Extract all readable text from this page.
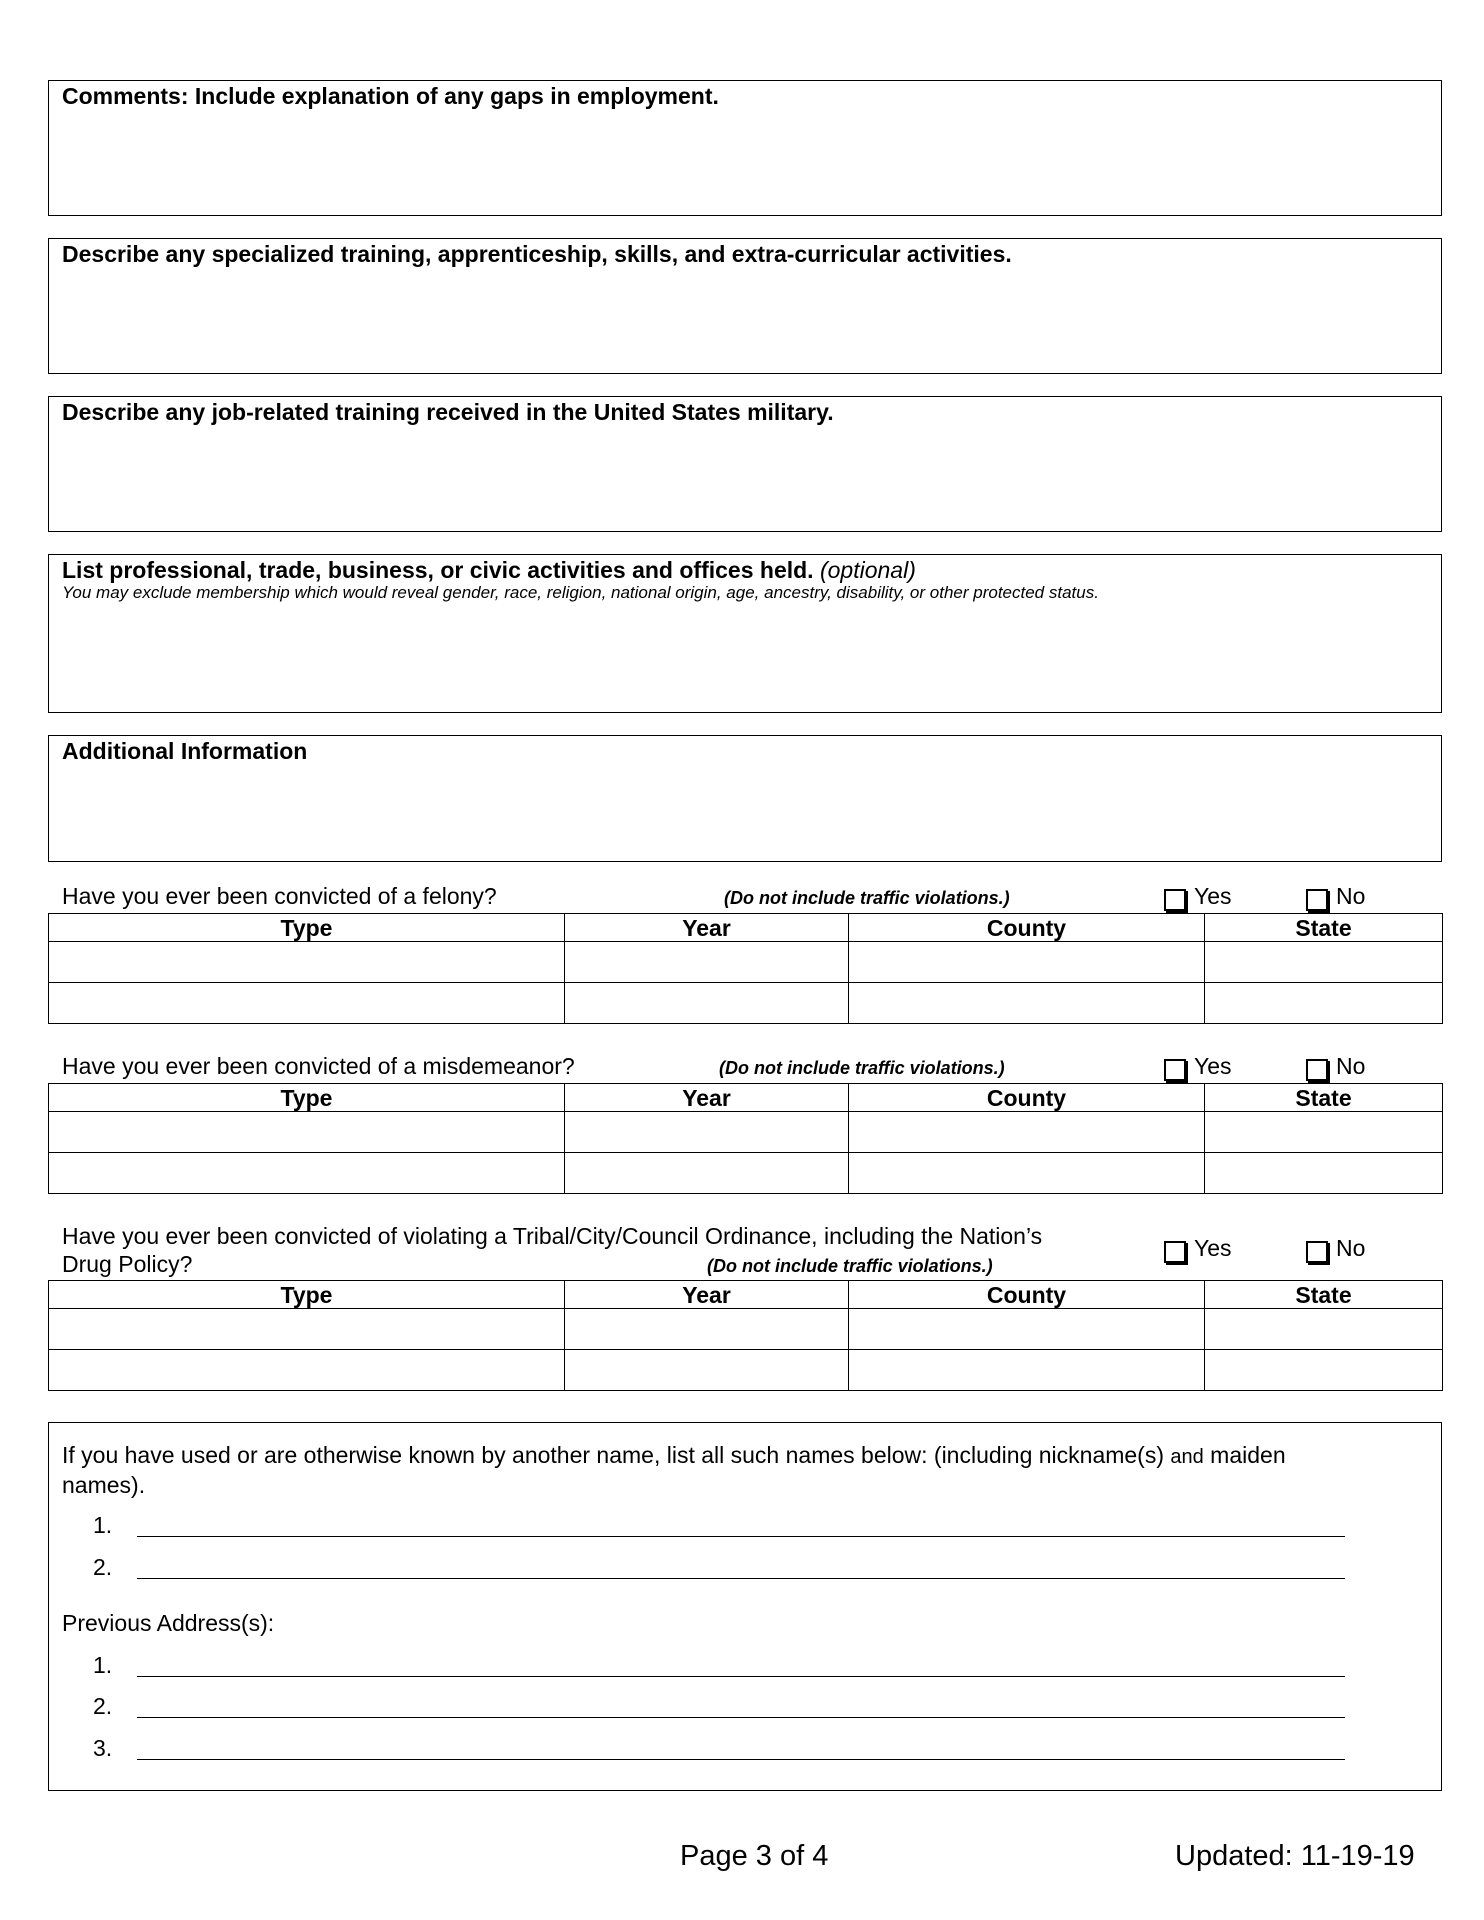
Comments: Include explanation of any gaps in employment.
Describe any specialized training, apprenticeship, skills, and extra-curricular activities.
Describe any job-related training received in the United States military.
List professional, trade, business, or civic activities and offices held. (optional)
You may exclude membership which would reveal gender, race, religion, national origin, age, ancestry, disability, or other protected status.
Additional Information
Have you ever been convicted of a felony?	(Do not include traffic violations.)	Yes	No
Type	Year	County	State

Have you ever been convicted of a misdemeanor?	(Do not include traffic violations.)	Yes	No
Type	Year	County	State

Have you ever been convicted of violating a Tribal/City/Council Ordinance, including the Nation’s
Drug Policy?	(Do not include traffic violations.)
Yes	No
Type	Year	County	State

If you have used or are otherwise known by another name, list all such names below: (including nickname(s) and maiden names).
1.
2.
Previous Address(s):
1.
2.
3.
Page 3 of 4	Updated: 11-19-19
